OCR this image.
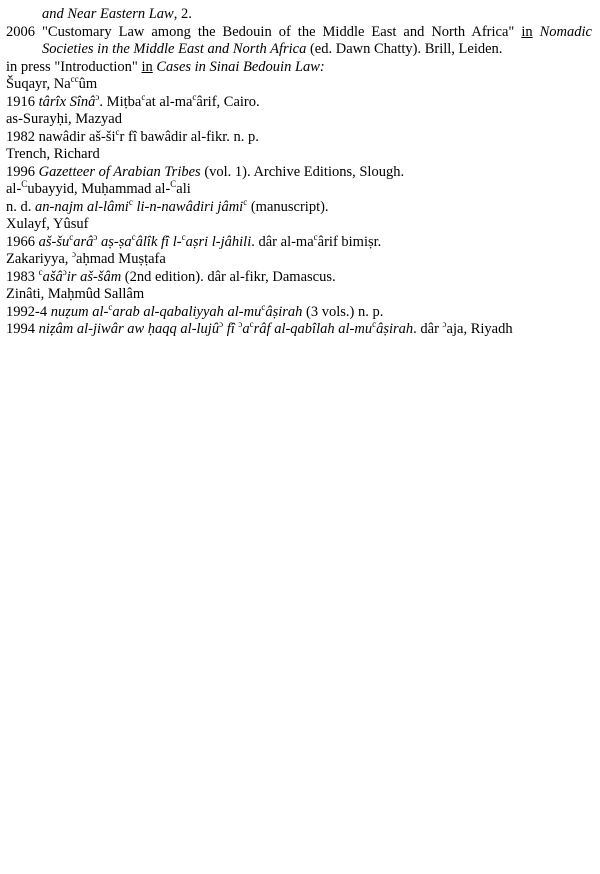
and Near Eastern Law, 2.
2006 "Customary Law among the Bedouin of the Middle East and North Africa" in Nomadic Societies in the Middle East and North Africa (ed. Dawn Chatty). Brill, Leiden.
in press "Introduction" in Cases in Sinai Bedouin Law:
Šuqayr, $Na^{cc}ûm$
1916 târîx Sînâ$^ɔ$. Miṭba$^c$at $al-ma^cârif$, Cairo.
as-Surayḥi, Mazyad
1982 nawâdir $aš-ši^cr$ fî bawâdir al-fikr. n. p.
Trench, Richard
1996 Gazetteer of Arabian Tribes (vol. 1). Archive Editions, Slough.
al-$^C$ubayyid, Muḥammad al-$^C$ali
n. d. an-najm al-lâmi$^c$ li-n-nawâdiri jâmi$^c$ (manuscript).
Xulayf, Yûsuf
1966 $aš-šu^carâ^ɔ$ aṣ-ṣa$^c$âlîk fî l-$^c$aṣri l-jâhili. dâr $al-ma^cârif$ bimiṣr.
Zakariyya, $^ɔ$aḥmad Muṣṭafa
1983 $^c$ašâ$^ɔ$ir aš-šâm (2nd edition). dâr al-fikr, Damascus.
Zinâti, Maḥmûd Sallâm
1992-4 nuẓum al-$^c$arab al-qabaliyyah $al-mu^câṣirah$ (3 vols.) n. p.
1994 niẓâm al-jiwâr aw ḥaqq al-lujû$^ɔ$ fî $^ɔa^crâf$ al-qabîlah $al-mu^câṣirah$. dâr $^ɔ$aja, Riyadh
